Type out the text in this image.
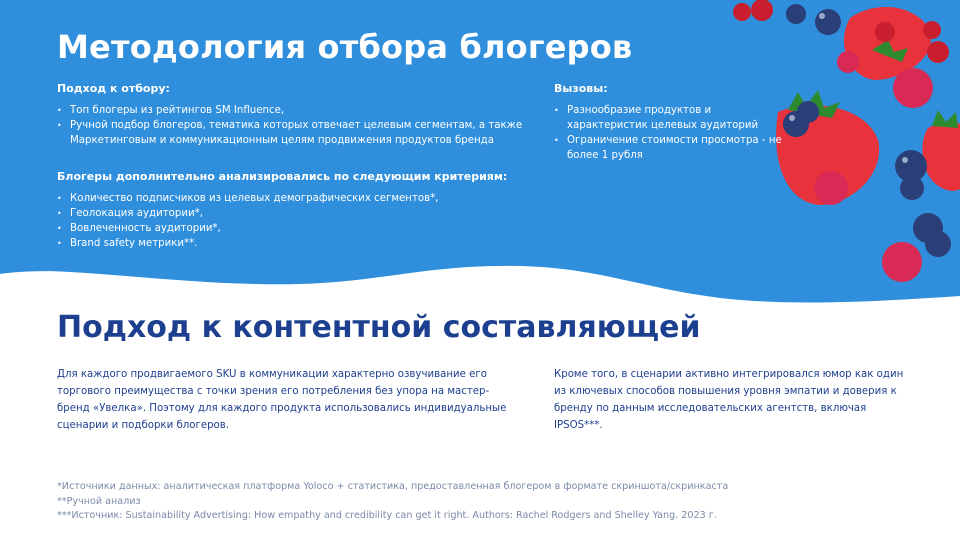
Методология отбора блогеров
Подход к отбору:
• Топ блогеры из рейтингов SM Influence,
• Ручной подбор блогеров, тематика которых отвечает целевым сегментам, а также Маркетинговым и коммуникационным целям продвижения продуктов бренда
Блогеры дополнительно анализировались по следующим критериям:
• Количество подписчиков из целевых демографических сегментов*,
• Геолокация аудитории*,
• Вовлеченность аудитории*,
• Brand safety метрики**.
Вызовы:
• Разнообразие продуктов и характеристик целевых аудиторий
• Ограничение стоимости просмотра - не более 1 рубля
Подход к контентной составляющей

Для каждого продвигаемого SKU в коммуникации характерно озвучивание его торгового преимущества с точки зрения его потребления без упора на мастер-бренд «Увелка». Поэтому для каждого продукта использовались индивидуальные сценарии и подборки блогеров.

Кроме того, в сценарии активно интегрировался юмор как один из ключевых способов повышения уровня эмпатии и доверия к бренду по данным исследовательских агентств, включая IPSOS***.

*Источники данных: аналитическая платформа Yoloco + статистика, предоставленная блогером в формате скриншота/скринкаста
**Ручной анализ
***Источник: Sustainability Advertising: How empathy and credibility can get it right. Authors: Rachel Rodgers and Shelley Yang. 2023 г.
